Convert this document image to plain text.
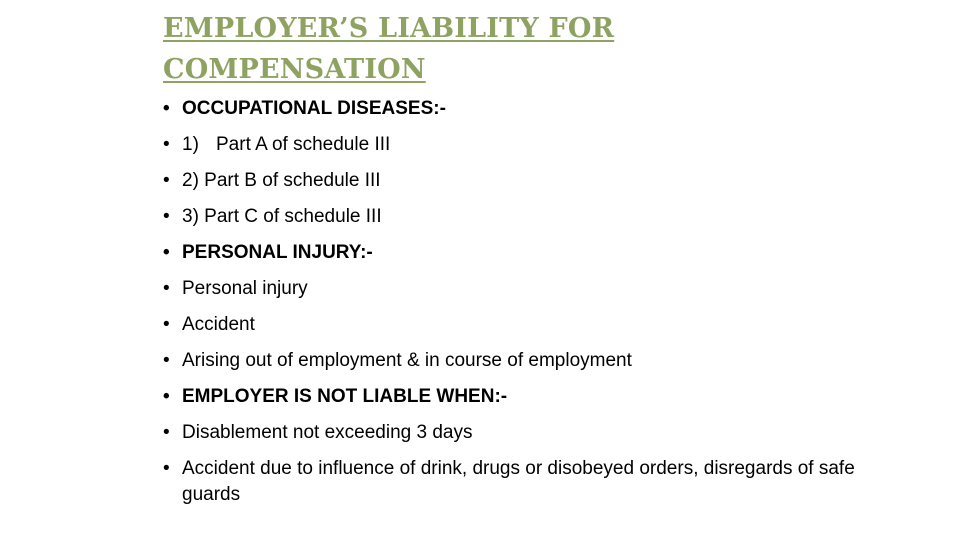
EMPLOYER’S LIABILITY FOR
COMPENSATION
• OCCUPATIONAL DISEASES:-
• 1) Part A of schedule III
• 2) Part B of schedule III
• 3) Part C of schedule III
• PERSONAL INJURY:-
• Personal injury
• Accident
• Arising out of employment & in course of employment
• EMPLOYER IS NOT LIABLE WHEN:-
• Disablement not exceeding 3 days
• Accident due to influence of drink, drugs or disobeyed orders, disregards of safe guards
